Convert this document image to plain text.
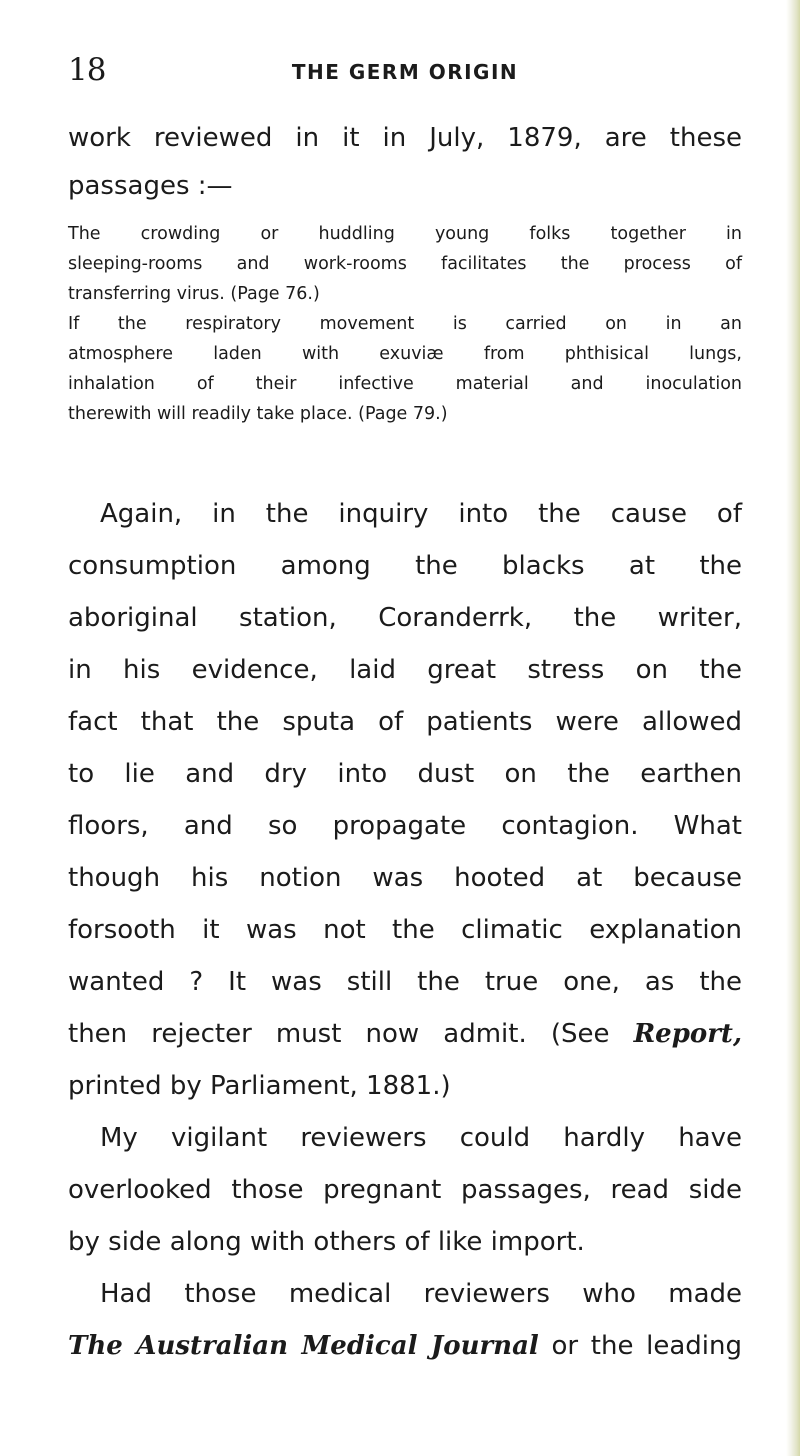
18	THE GERM ORIGIN
work reviewed in it in July, 1879, are these
passages :—
The crowding or huddling young folks together in
sleeping-rooms and work-rooms facilitates the process of
transferring virus. (Page 76.)
If the respiratory movement is carried on in an
atmosphere laden with exuviæ from phthisical lungs,
inhalation of their infective material and inoculation
therewith will readily take place. (Page 79.)
Again, in the inquiry into the cause of
consumption among the blacks at the
aboriginal station, Coranderrk, the writer,
in his evidence, laid great stress on the
fact that the sputa of patients were allowed
to lie and dry into dust on the earthen
floors, and so propagate contagion. What
though his notion was hooted at because
forsooth it was not the climatic explanation
wanted ? It was still the true one, as the
then rejecter must now admit. (See Report,
printed by Parliament, 1881.)
My vigilant reviewers could hardly have
overlooked those pregnant passages, read side
by side along with others of like import.
Had those medical reviewers who made
The Australian Medical Journal or the leading
